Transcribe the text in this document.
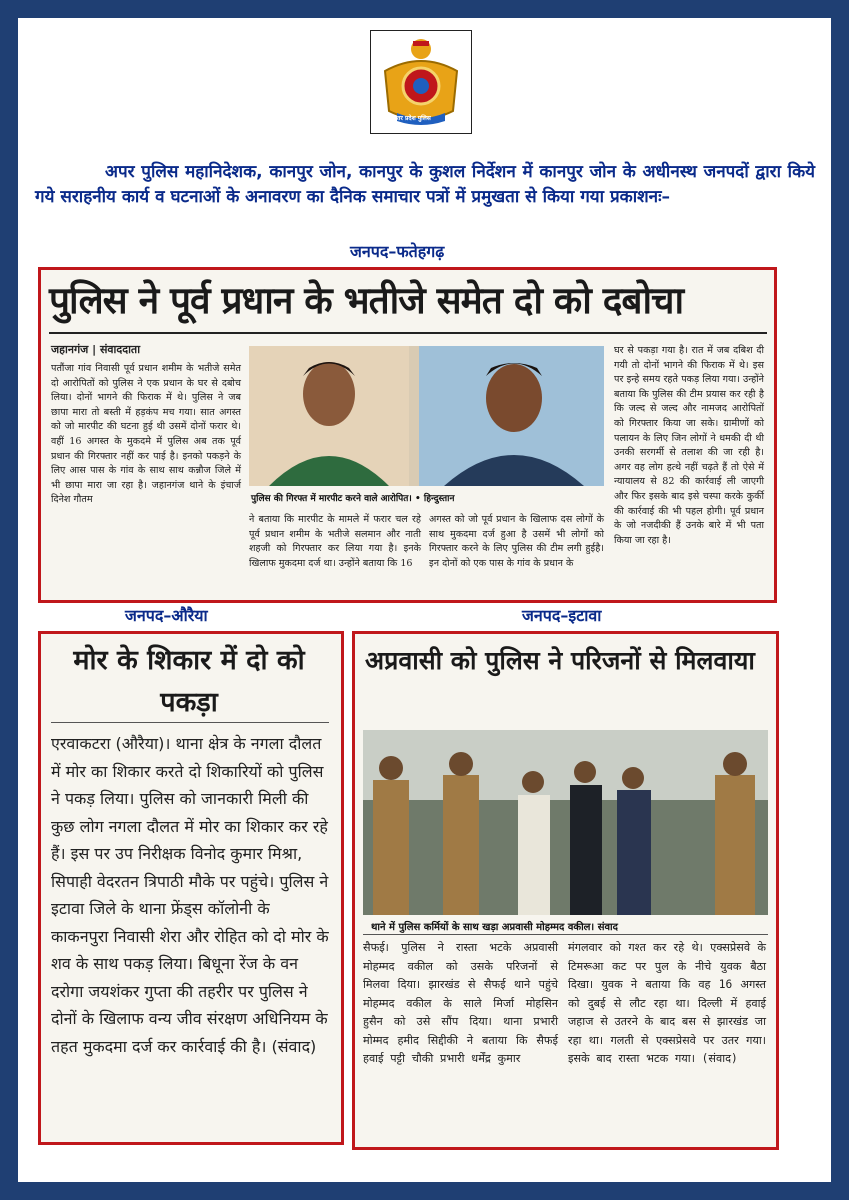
उत्तर प्रदेश पुलिस
अपर पुलिस महानिदेशक, कानपुर जोन, कानपुर के कुशल निर्देशन में कानपुर जोन के अधीनस्थ जनपदों द्वारा किये गये सराहनीय कार्य व घटनाओं के अनावरण का दैनिक समाचार पत्रों में प्रमुखता से किया गया प्रकाशनः–
जनपद–फतेहगढ़
पुलिस ने पूर्व प्रधान के भतीजे समेत दो को दबोचा
जहानगंज | संवाददाता
पतौंजा गांव निवासी पूर्व प्रधान शमीम के भतीजे समेत दो आरोपितों को पुलिस ने एक प्रधान के घर से दबोच लिया। दोनों भागने की फिराक में थे। पुलिस ने जब छापा मारा तो बस्ती में हड़कंप मच गया। सात अगस्त को जो मारपीट की घटना हुई थी उसमें दोनों फरार थे। वहीं 16 अगस्त के मुकदमे में पुलिस अब तक पूर्व प्रधान की गिरफ्तार नहीं कर पाई है। इनको पकड़ने के लिए आस पास के गांव के साथ साथ कन्नौज जिले में भी छापा मारा जा रहा है। जहानगंज थाने के इंचार्ज दिनेश गौतम	पुलिस की गिरफ्त में मारपीट करने वाले आरोपित। • हिन्दुस्तान
ने बताया कि मारपीट के मामले में फरार चल रहे पूर्व प्रधान शमीम के भतीजे सलमान और नाती शहजी को गिरफ्तार कर लिया गया है। इनके खिलाफ मुकदमा दर्ज था। उन्होंने बताया कि 16
अगस्त को जो पूर्व प्रधान के खिलाफ दस लोगों के साथ मुकदमा दर्ज हुआ है उसमें भी लोगों को गिरफ्तार करने के लिए पुलिस की टीम लगी हुईहै। इन दोनों को एक पास के गांव के प्रधान के
घर से पकड़ा गया है। रात में जब दबिश दी गयी तो दोनों भागने की फिराक में थे। इस पर इन्हे समय रहते पकड़ लिया गया। उन्होंने बताया कि पुलिस की टीम प्रयास कर रही है कि जल्द से जल्द और नामजद आरोपितों को गिरफ्तार किया जा सके। ग्रामीणों को पलायन के लिए जिन लोगों ने धमकी दी थी उनकी सरगर्मी से तलाश की जा रही है। अगर वह लोग हत्थे नहीं चढ़ते हैं तो ऐसे में न्यायालय से 82 की कार्रवाई ली जाएगी और फिर इसके बाद इसे चस्पा करके कुर्की की कार्रवाई की भी पहल होगी। पूर्व प्रधान के जो नजदीकी हैं उनके बारे में भी पता किया जा रहा है।
जनपद–औरैया	जनपद–इटावा
मोर के शिकार में दो को पकड़ा
एरवाकटरा (औरैया)। थाना क्षेत्र के नगला दौलत में मोर का शिकार करते दो शिकारियों को पुलिस ने पकड़ लिया। पुलिस को जानकारी मिली की कुछ लोग नगला दौलत में मोर का शिकार कर रहे हैं। इस पर उप निरीक्षक विनोद कुमार मिश्रा, सिपाही वेदरतन त्रिपाठी मौके पर पहुंचे। पुलिस ने इटावा जिले के थाना फ्रेंड्स कॉलोनी के काकनपुरा निवासी शेरा और रोहित को दो मोर के शव के साथ पकड़ लिया। बिधूना रेंज के वन दरोगा जयशंकर गुप्ता की तहरीर पर पुलिस ने दोनों के खिलाफ वन्य जीव संरक्षण अधिनियम के तहत मुकदमा दर्ज कर कार्रवाई की है। (संवाद)
अप्रवासी को पुलिस ने परिजनों से मिलवाया
थाने में पुलिस कर्मियों के साथ खड़ा अप्रवासी मोहम्मद वकील। संवाद
सैफई। पुलिस ने रास्ता भटके अप्रवासी मोहम्मद वकील को उसके परिजनों से मिलवा दिया। झारखंड से सैफई थाने पहुंचे मोहम्मद वकील के साले मिर्जा मोहसिन हुसैन को उसे सौंप दिया। थाना प्रभारी मोम्मद हमीद सिद्दीकी ने बताया कि सैफई हवाई पट्टी चौकी प्रभारी धर्मेंद्र कुमार
मंगलवार को गश्त कर रहे थे। एक्सप्रेसवे के टिमरूआ कट पर पुल के नीचे युवक बैठा दिखा। युवक ने बताया कि वह 16 अगस्त को दुबई से लौट रहा था। दिल्ली में हवाई जहाज से उतरने के बाद बस से झारखंड जा रहा था। गलती से एक्सप्रेसवे पर उतर गया। इसके बाद रास्ता भटक गया। (संवाद)
